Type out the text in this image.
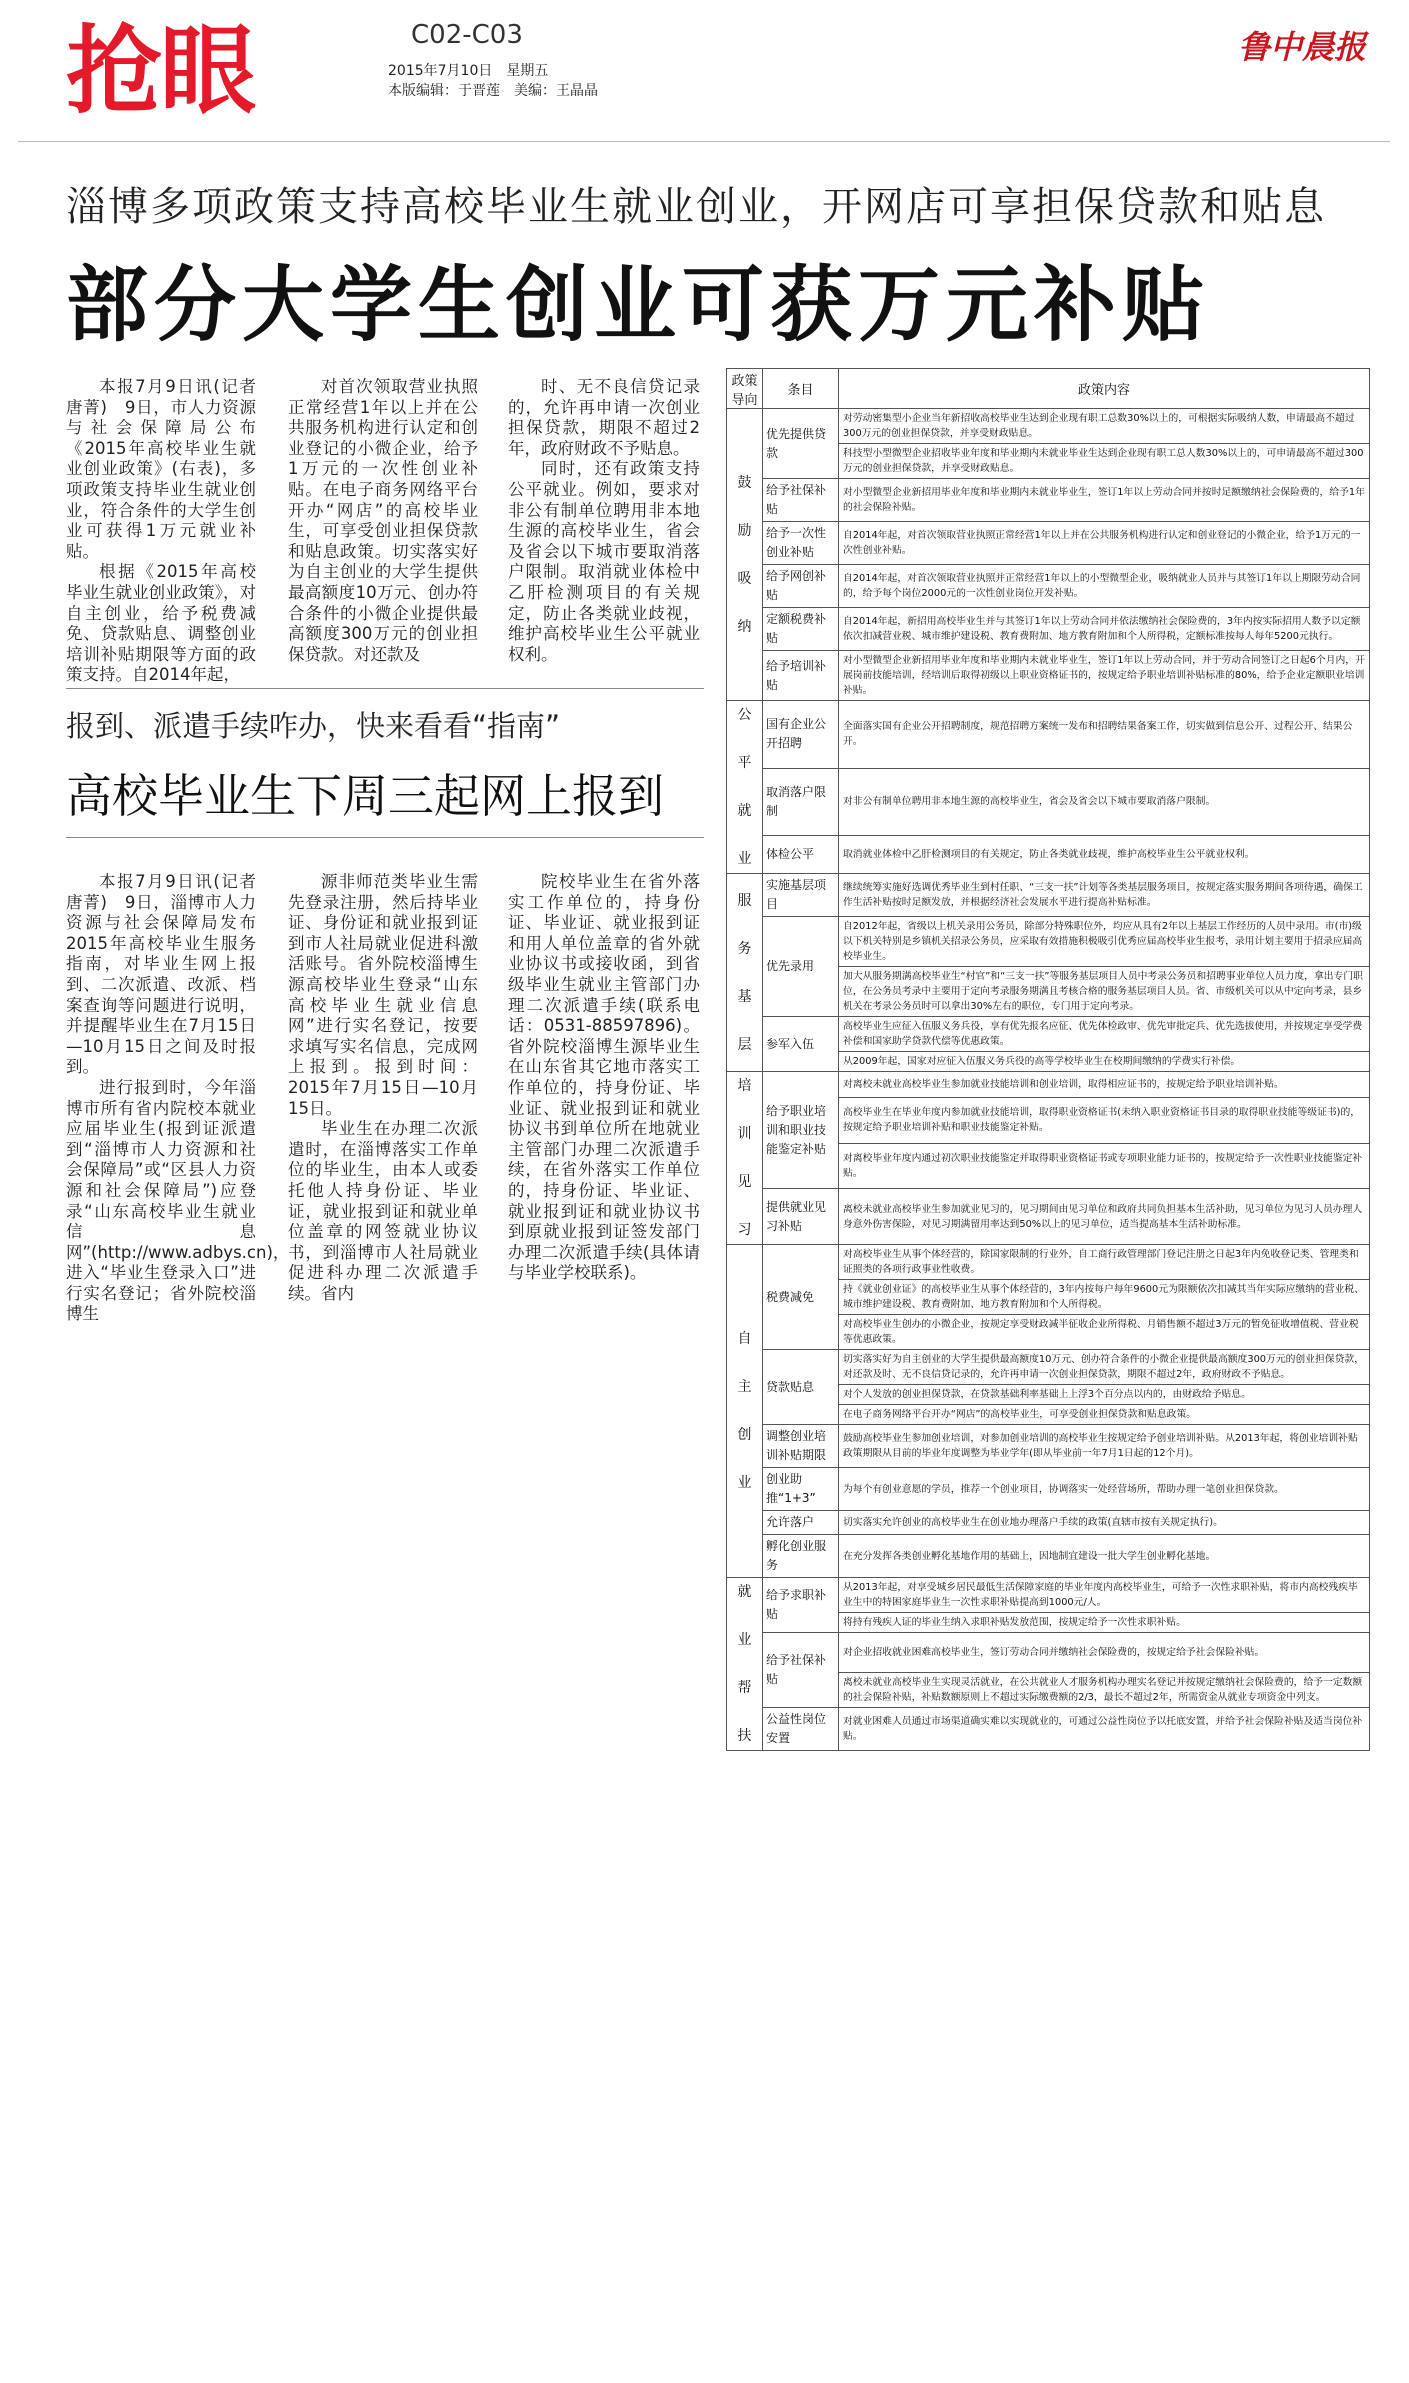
抢眼	C02-C03
2015年7月10日　星期五
本版编辑：于晋莲　美编：王晶晶
鲁中晨报
淄博多项政策支持高校毕业生就业创业，开网店可享担保贷款和贴息
部分大学生创业可获万元补贴

本报7月9日讯(记者　唐菁)　9日，市人力资源与社会保障局公布《2015年高校毕业生就业创业政策》(右表)，多项政策支持毕业生就业创业，符合条件的大学生创业可获得1万元就业补贴。

根据《2015年高校毕业生就业创业政策》，对自主创业，给予税费减免、贷款贴息、调整创业培训补贴期限等方面的政策支持。自2014年起，

对首次领取营业执照正常经营1年以上并在公共服务机构进行认定和创业登记的小微企业，给予1万元的一次性创业补贴。在电子商务网络平台开办“网店”的高校毕业生，可享受创业担保贷款和贴息政策。切实落实好为自主创业的大学生提供最高额度10万元、创办符合条件的小微企业提供最高额度300万元的创业担保贷款。对还款及

时、无不良信贷记录的，允许再申请一次创业担保贷款，期限不超过2年，政府财政不予贴息。

同时，还有政策支持公平就业。例如，要求对非公有制单位聘用非本地生源的高校毕业生，省会及省会以下城市要取消落户限制。取消就业体检中乙肝检测项目的有关规定，防止各类就业歧视，维护高校毕业生公平就业权利。

报到、派遣手续咋办，快来看看“指南”
高校毕业生下周三起网上报到

本报7月9日讯(记者　唐菁)　9日，淄博市人力资源与社会保障局发布2015年高校毕业生服务指南，对毕业生网上报到、二次派遣、改派、档案查询等问题进行说明，并提醒毕业生在7月15日—10月15日之间及时报到。

进行报到时，今年淄博市所有省内院校本就业应届毕业生(报到证派遣到“淄博市人力资源和社会保障局”或“区县人力资源和社会保障局”)应登录“山东高校毕业生就业信息网”(http://www.adbys.cn)，进入“毕业生登录入口”进行实名登记；省外院校淄博生

源非师范类毕业生需先登录注册，然后持毕业证、身份证和就业报到证到市人社局就业促进科激活账号。省外院校淄博生源高校毕业生登录“山东高校毕业生就业信息网”进行实名登记，按要求填写实名信息，完成网上报到。报到时间：2015年7月15日—10月15日。

毕业生在办理二次派遣时，在淄博落实工作单位的毕业生，由本人或委托他人持身份证、毕业证，就业报到证和就业单位盖章的网签就业协议书，到淄博市人社局就业促进科办理二次派遣手续。省内

院校毕业生在省外落实工作单位的，持身份证、毕业证、就业报到证和用人单位盖章的省外就业协议书或接收函，到省级毕业生就业主管部门办理二次派遣手续(联系电话：0531-88597896)。省外院校淄博生源毕业生在山东省其它地市落实工作单位的，持身份证、毕业证、就业报到证和就业协议书到单位所在地就业主管部门办理二次派遣手续，在省外落实工作单位的，持身份证、毕业证、就业报到证和就业协议书到原就业报到证签发部门办理二次派遣手续(具体请与毕业学校联系)。

政策导向	条目	政策内容
鼓

励

吸

纳	优先提供贷款	对劳动密集型小企业当年新招收高校毕业生达到企业现有职工总数30%以上的，可根据实际吸纳人数，申请最高不超过300万元的创业担保贷款，并享受财政贴息。
		科技型小型微型企业招收毕业年度和毕业期内未就业毕业生达到企业现有职工总人数30%以上的，可申请最高不超过300万元的创业担保贷款，并享受财政贴息。
	给予社保补贴	对小型微型企业新招用毕业年度和毕业期内未就业毕业生，签订1年以上劳动合同并按时足额缴纳社会保险费的，给予1年的社会保险补贴。
	给予一次性创业补贴	自2014年起，对首次领取营业执照正常经营1年以上并在公共服务机构进行认定和创业登记的小微企业，给予1万元的一次性创业补贴。
	给予网创补贴	自2014年起，对首次领取营业执照并正常经营1年以上的小型微型企业，吸纳就业人员并与其签订1年以上期限劳动合同的，给予每个岗位2000元的一次性创业岗位开发补贴。
	定额税费补贴	自2014年起，新招用高校毕业生并与其签订1年以上劳动合同并依法缴纳社会保险费的，3年内按实际招用人数予以定额依次扣减营业税、城市维护建设税、教育费附加、地方教育附加和个人所得税，定额标准按每人每年5200元执行。
	给予培训补贴	对小型微型企业新招用毕业年度和毕业期内未就业毕业生，签订1年以上劳动合同，并于劳动合同签订之日起6个月内，开展岗前技能培训，经培训后取得初级以上职业资格证书的，按规定给予职业培训补贴标准的80%，给予企业定额职业培训补贴。
公

平

就

业	国有企业公开招聘	全面落实国有企业公开招聘制度，规范招聘方案统一发布和招聘结果备案工作，切实做到信息公开、过程公开、结果公开。
	取消落户限制	对非公有制单位聘用非本地生源的高校毕业生，省会及省会以下城市要取消落户限制。
	体检公平	取消就业体检中乙肝检测项目的有关规定，防止各类就业歧视，维护高校毕业生公平就业权利。
服

务

基

层	实施基层项目	继续统筹实施好选调优秀毕业生到村任职、“三支一扶”计划等各类基层服务项目，按规定落实服务期间各项待遇，确保工作生活补贴按时足额发放，并根据经济社会发展水平进行提高补贴标准。
	优先录用	自2012年起，省级以上机关录用公务员，除部分特殊职位外，均应从具有2年以上基层工作经历的人员中录用。市(市)级以下机关特别是乡镇机关招录公务员，应采取有效措施积极吸引优秀应届高校毕业生报考，录用计划主要用于招录应届高校毕业生。
		加大从服务期满高校毕业生“村官”和“三支一扶”等服务基层项目人员中考录公务员和招聘事业单位人员力度，拿出专门职位，在公务员考录中主要用于定向考录服务期满且考核合格的服务基层项目人员。省、市级机关可以从中定向考录，县乡机关在考录公务员时可以拿出30%左右的职位，专门用于定向考录。
	参军入伍	高校毕业生应征入伍服义务兵役，享有优先报名应征、优先体检政审、优先审批定兵、优先选拔使用，并按规定享受学费补偿和国家助学贷款代偿等优惠政策。
		从2009年起，国家对应征入伍服义务兵役的高等学校毕业生在校期间缴纳的学费实行补偿。
培

训

见

习	给予职业培训和职业技能鉴定补贴	对离校未就业高校毕业生参加就业技能培训和创业培训，取得相应证书的，按规定给予职业培训补贴。
		高校毕业生在毕业年度内参加就业技能培训，取得职业资格证书(未纳入职业资格证书目录的取得职业技能等级证书)的，按规定给予职业培训补贴和职业技能鉴定补贴。
		对离校毕业年度内通过初次职业技能鉴定并取得职业资格证书或专项职业能力证书的，按规定给予一次性职业技能鉴定补贴。
	提供就业见习补贴	离校未就业高校毕业生参加就业见习的，见习期间由见习单位和政府共同负担基本生活补助，见习单位为见习人员办理人身意外伤害保险，对见习期满留用率达到50%以上的见习单位，适当提高基本生活补助标准。
自

主

创

业	税费减免	对高校毕业生从事个体经营的，除国家限制的行业外，自工商行政管理部门登记注册之日起3年内免收登记类、管理类和证照类的各项行政事业性收费。
		持《就业创业证》的高校毕业生从事个体经营的，3年内按每户每年9600元为限额依次扣减其当年实际应缴纳的营业税、城市维护建设税、教育费附加、地方教育附加和个人所得税。
		对高校毕业生创办的小微企业，按规定享受财政减半征收企业所得税、月销售额不超过3万元的暂免征收增值税、营业税等优惠政策。
	贷款贴息	切实落实好为自主创业的大学生提供最高额度10万元、创办符合条件的小微企业提供最高额度300万元的创业担保贷款，对还款及时、无不良信贷记录的，允许再申请一次创业担保贷款，期限不超过2年，政府财政不予贴息。
		对个人发放的创业担保贷款，在贷款基础利率基础上上浮3个百分点以内的，由财政给予贴息。
		在电子商务网络平台开办“网店”的高校毕业生，可享受创业担保贷款和贴息政策。
	调整创业培训补贴期限	鼓励高校毕业生参加创业培训，对参加创业培训的高校毕业生按规定给予创业培训补贴。从2013年起，将创业培训补贴政策期限从目前的毕业年度调整为毕业学年(即从毕业前一年7月1日起的12个月)。
	创业助推“1+3”	为每个有创业意愿的学员，推荐一个创业项目，协调落实一处经营场所，帮助办理一笔创业担保贷款。
	允许落户	切实落实允许创业的高校毕业生在创业地办理落户手续的政策(直辖市按有关规定执行)。
	孵化创业服务	在充分发挥各类创业孵化基地作用的基础上，因地制宜建设一批大学生创业孵化基地。
就

业

帮

扶	给予求职补贴	从2013年起，对享受城乡居民最低生活保障家庭的毕业年度内高校毕业生，可给予一次性求职补贴，将市内高校残疾毕业生中的特困家庭毕业生一次性求职补贴提高到1000元/人。
		将持有残疾人证的毕业生纳入求职补贴发放范围，按规定给予一次性求职补贴。
	给予社保补贴	对企业招收就业困难高校毕业生，签订劳动合同并缴纳社会保险费的，按规定给予社会保险补贴。
		离校未就业高校毕业生实现灵活就业，在公共就业人才服务机构办理实名登记并按规定缴纳社会保险费的，给予一定数额的社会保险补贴，补贴数额原则上不超过实际缴费额的2/3，最长不超过2年，所需资金从就业专项资金中列支。
	公益性岗位安置	对就业困难人员通过市场渠道确实难以实现就业的，可通过公益性岗位予以托底安置，并给予社会保险补贴及适当岗位补贴。
